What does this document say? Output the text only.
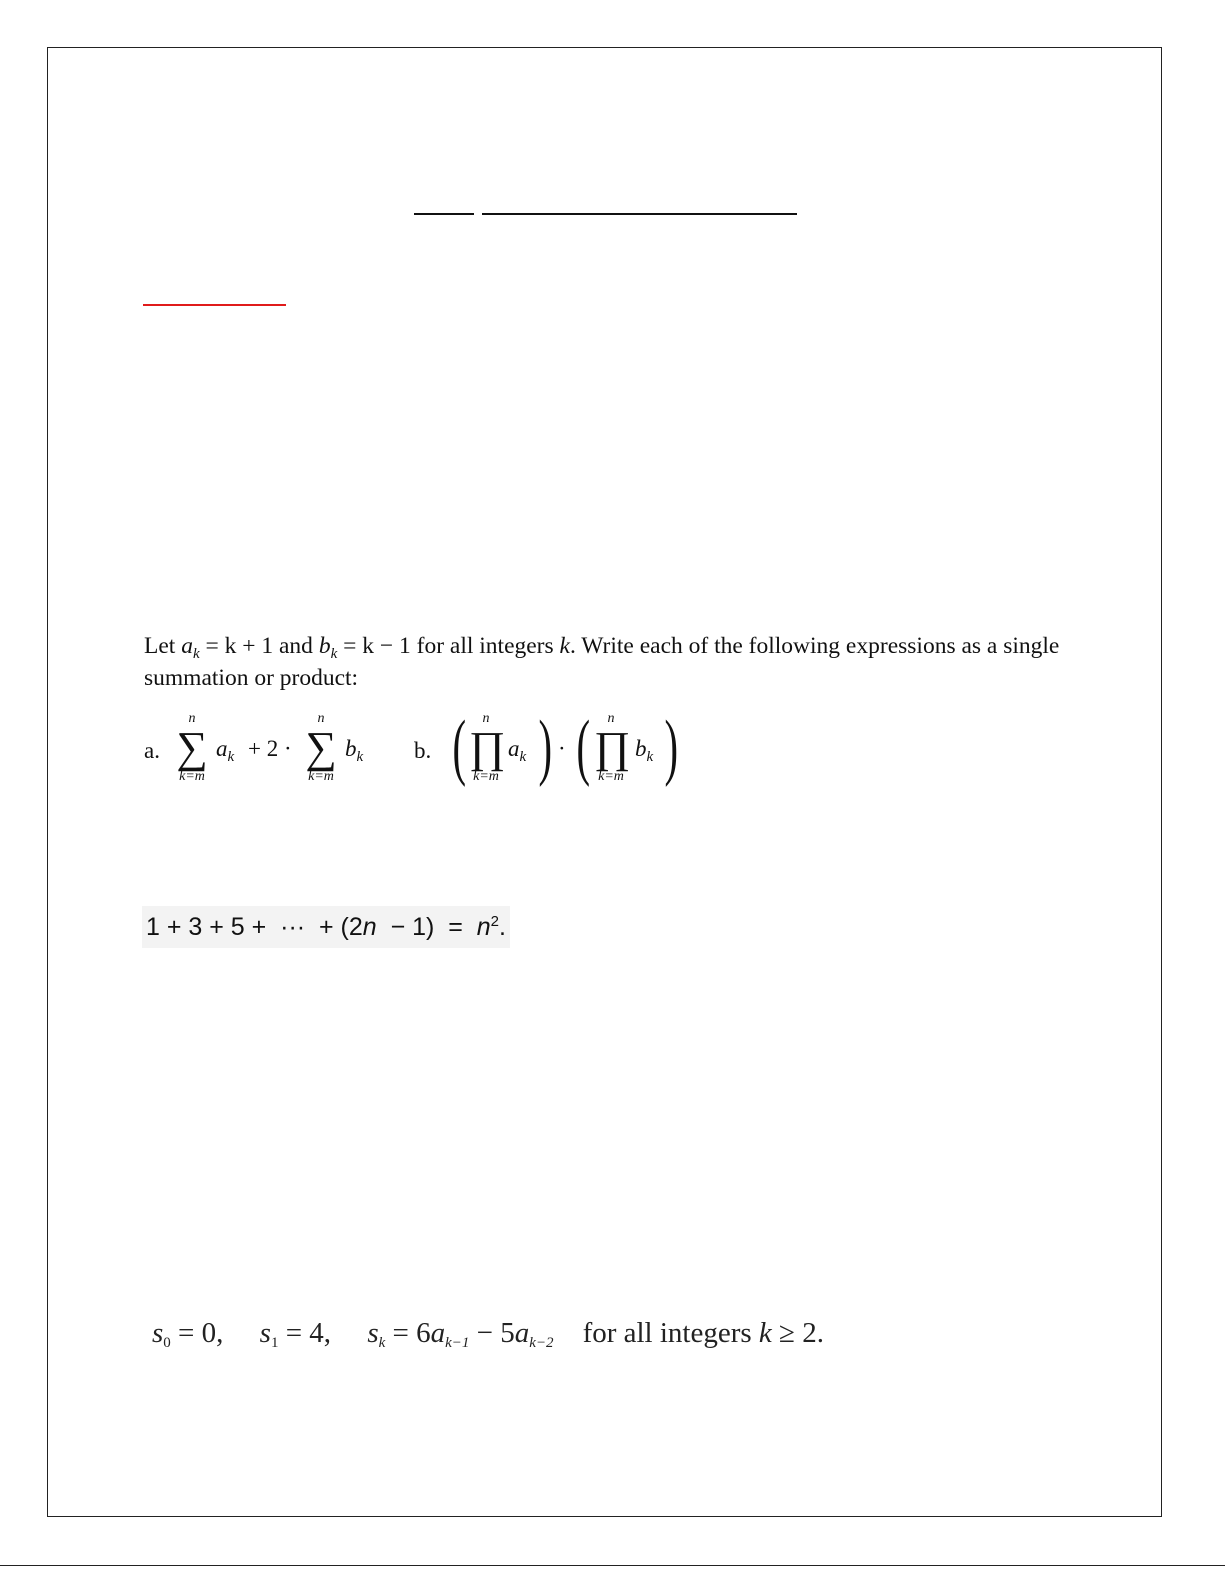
Let $a_k = k + 1$ and $b_k = k - 1$ for all integers k. Write each of the following expressions as a single summation or product:
a.
n
∑
k=m
$a_k + 2$ ·
n
∑
k=m
$b_k$ b. (	n
∏
k=m
$a_k$ ) · (	n
∏
k=m
$b_k$ )
1 + 3 + 5 +  ···  + $(2n - 1) = n^2$.
$s_0 = 0$,     $s_1 = 4$,     $s_k = 6a_{k-1} - 5a_{k-2}$    for all integers k ≥ 2.
